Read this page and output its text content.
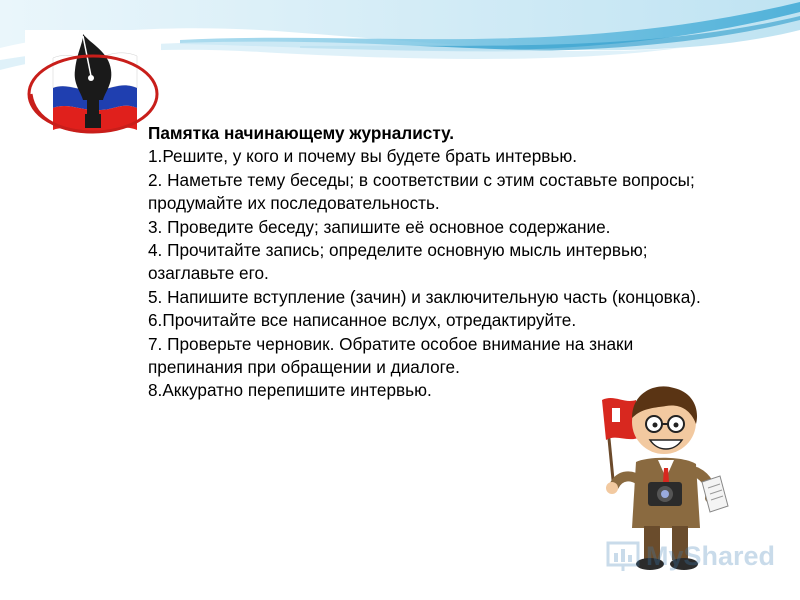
Памятка начинающему журналисту.

1.Решите, у кого и почему вы будете брать интервью.

2. Наметьте тему беседы; в соответствии с этим составьте вопросы; продумайте их последовательность.

3. Проведите беседу; запишите её основное содержание.

4. Прочитайте запись; определите основную мысль интервью; озаглавьте его.

5. Напишите вступление (зачин) и заключительную часть (концовка).

6.Прочитайте все написанное вслух, отредактируйте.

7. Проверьте черновик. Обратите особое внимание на знаки препинания при обращении и диалоге.

8.Аккуратно перепишите интервью.

MyShared
